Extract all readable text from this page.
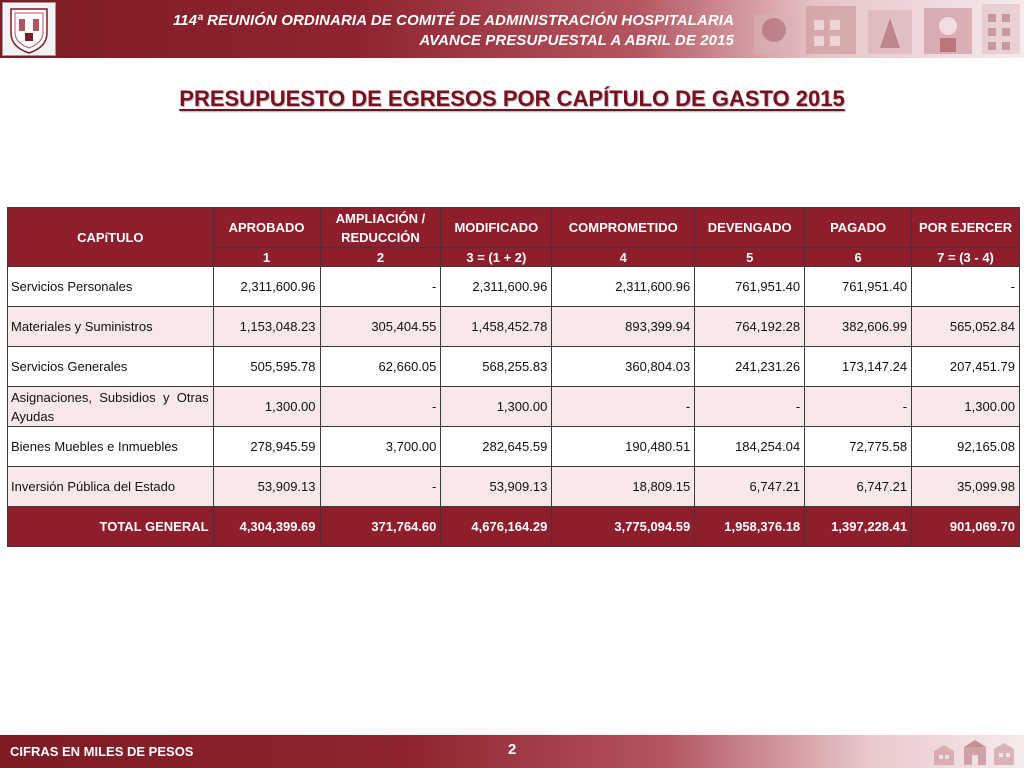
114ª REUNIÓN ORDINARIA DE COMITÉ DE ADMINISTRACIÓN HOSPITALARIA
AVANCE PRESUPUESTAL A ABRIL DE 2015
PRESUPUESTO DE EGRESOS POR CAPÍTULO DE GASTO 2015
CAPíTULO	APROBADO	AMPLIACIÓN / REDUCCIÓN	MODIFICADO	COMPROMETIDO	DEVENGADO	PAGADO	POR EJERCER
	1	2	3 = (1 + 2)	4	5	6	7 = (3 - 4)
Servicios Personales	2,311,600.96	-	2,311,600.96	2,311,600.96	761,951.40	761,951.40	-
Materiales y Suministros	1,153,048.23	305,404.55	1,458,452.78	893,399.94	764,192.28	382,606.99	565,052.84
Servicios Generales	505,595.78	62,660.05	568,255.83	360,804.03	241,231.26	173,147.24	207,451.79
Asignaciones, Subsidios y Otras Ayudas	1,300.00	-	1,300.00	-	-	-	1,300.00
Bienes Muebles e Inmuebles	278,945.59	3,700.00	282,645.59	190,480.51	184,254.04	72,775.58	92,165.08
Inversión Pública del Estado	53,909.13	-	53,909.13	18,809.15	6,747.21	6,747.21	35,099.98
TOTAL GENERAL	4,304,399.69	371,764.60	4,676,164.29	3,775,094.59	1,958,376.18	1,397,228.41	901,069.70
CIFRAS EN MILES DE PESOS	2
